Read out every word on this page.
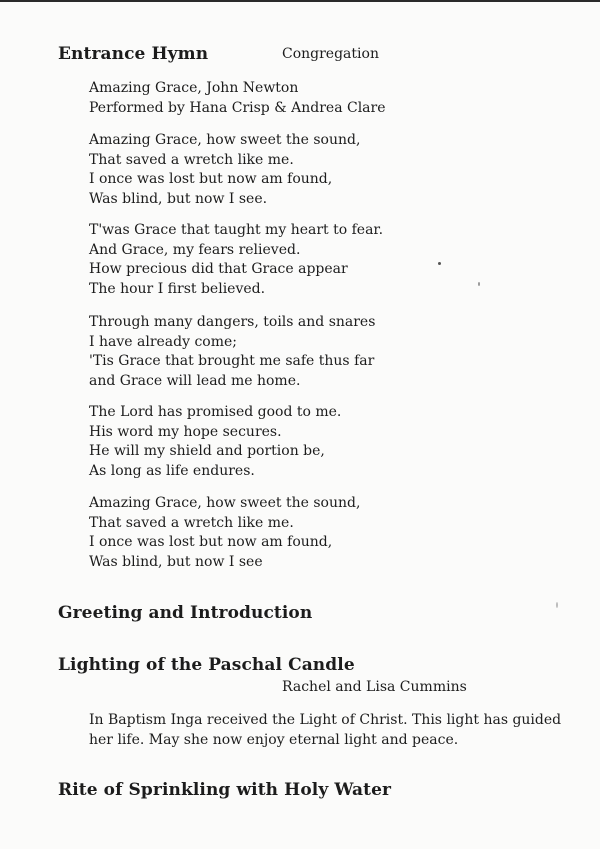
Entrance Hymn	Congregation
Amazing Grace, John Newton
Performed by Hana Crisp & Andrea Clare
Amazing Grace, how sweet the sound,
That saved a wretch like me.
I once was lost but now am found,
Was blind, but now I see.
T'was Grace that taught my heart to fear.
And Grace, my fears relieved.
How precious did that Grace appear
The hour I first believed.
Through many dangers, toils and snares
I have already come;
'Tis Grace that brought me safe thus far
and Grace will lead me home.
The Lord has promised good to me.
His word my hope secures.
He will my shield and portion be,
As long as life endures.
Amazing Grace, how sweet the sound,
That saved a wretch like me.
I once was lost but now am found,
Was blind, but now I see
Greeting and Introduction
Lighting of the Paschal Candle
Rachel and Lisa Cummins
In Baptism Inga received the Light of Christ. This light has guided her life. May she now enjoy eternal light and peace.
Rite of Sprinkling with Holy Water
